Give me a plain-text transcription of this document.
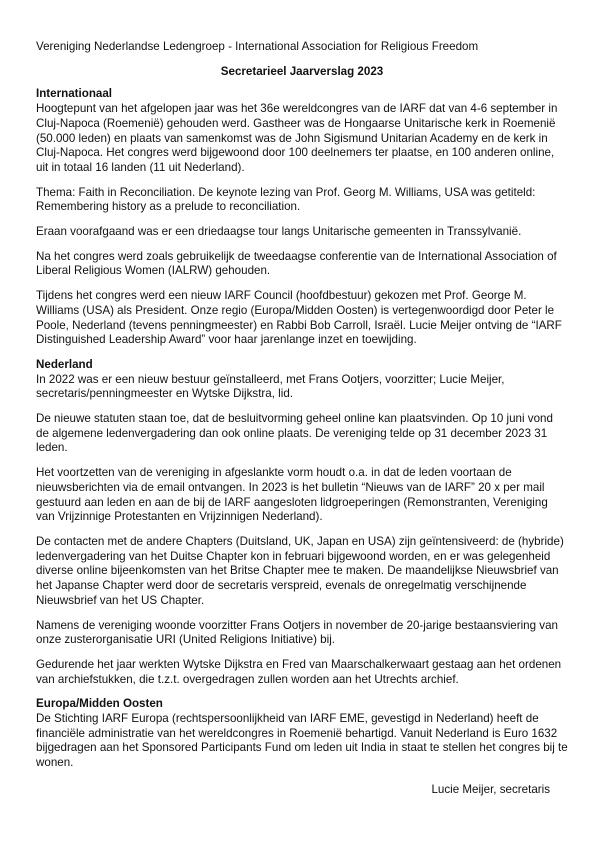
Vereniging Nederlandse Ledengroep - International Association for Religious Freedom

Secretarieel Jaarverslag 2023

Internationaal

Hoogtepunt van het afgelopen jaar was het 36e wereldcongres van de IARF dat van 4-6 september in Cluj-Napoca (Roemenië) gehouden werd. Gastheer was de Hongaarse Unitarische kerk in Roemenië (50.000 leden) en plaats van samenkomst was de John Sigismund Unitarian Academy en de kerk in Cluj-Napoca. Het congres werd bijgewoond door 100 deelnemers ter plaatse, en 100 anderen online, uit in totaal 16 landen (11 uit Nederland).

Thema: Faith in Reconciliation. De keynote lezing van Prof. Georg M. Williams, USA was getiteld: Remembering history as a prelude to reconciliation.

Eraan voorafgaand was er een driedaagse tour langs Unitarische gemeenten in Transsylvanië.

Na het congres werd zoals gebruikelijk de tweedaagse conferentie van de International Association of Liberal Religious Women (IALRW) gehouden.

Tijdens het congres werd een nieuw IARF Council (hoofdbestuur) gekozen met Prof. George M. Williams (USA) als President. Onze regio (Europa/Midden Oosten) is vertegenwoordigd door Peter le Poole, Nederland (tevens penningmeester) en Rabbi Bob Carroll, Israël. Lucie Meijer ontving de “IARF Distinguished Leadership Award” voor haar jarenlange inzet en toewijding.

Nederland

In 2022 was er een nieuw bestuur geïnstalleerd, met Frans Ootjers, voorzitter; Lucie Meijer, secretaris/penningmeester en Wytske Dijkstra, lid.

De nieuwe statuten staan toe, dat de besluitvorming geheel online kan plaatsvinden. Op 10 juni vond de algemene ledenvergadering dan ook online plaats. De vereniging telde op 31 december 2023 31 leden.

Het voortzetten van de vereniging in afgeslankte vorm houdt o.a. in dat de leden voortaan de nieuwsberichten via de email ontvangen. In 2023 is het bulletin “Nieuws van de IARF” 20 x per mail gestuurd aan leden en aan de bij de IARF aangesloten lidgroeperingen (Remonstranten, Vereniging van Vrijzinnige Protestanten en Vrijzinnigen Nederland).

De contacten met de andere Chapters (Duitsland, UK, Japan en USA) zijn geïntensiveerd: de (hybride) ledenvergadering van het Duitse Chapter kon in februari bijgewoond worden, en er was gelegenheid diverse online bijeenkomsten van het Britse Chapter mee te maken. De maandelijkse Nieuwsbrief van het Japanse Chapter werd door de secretaris verspreid, evenals de onregelmatig verschijnende Nieuwsbrief van het US Chapter.

Namens de vereniging woonde voorzitter Frans Ootjers in november de 20-jarige bestaansviering van onze zusterorganisatie URI (United Religions Initiative) bij.

Gedurende het jaar werkten Wytske Dijkstra en Fred van Maarschalkerwaart gestaag aan het ordenen van archiefstukken, die t.z.t. overgedragen zullen worden aan het Utrechts archief.

Europa/Midden Oosten

De Stichting IARF Europa (rechtspersoonlijkheid van IARF EME, gevestigd in Nederland) heeft de financiële administratie van het wereldcongres in Roemenië behartigd. Vanuit Nederland is Euro 1632 bijgedragen aan het Sponsored Participants Fund om leden uit India in staat te stellen het congres bij te wonen.

Lucie Meijer, secretaris
